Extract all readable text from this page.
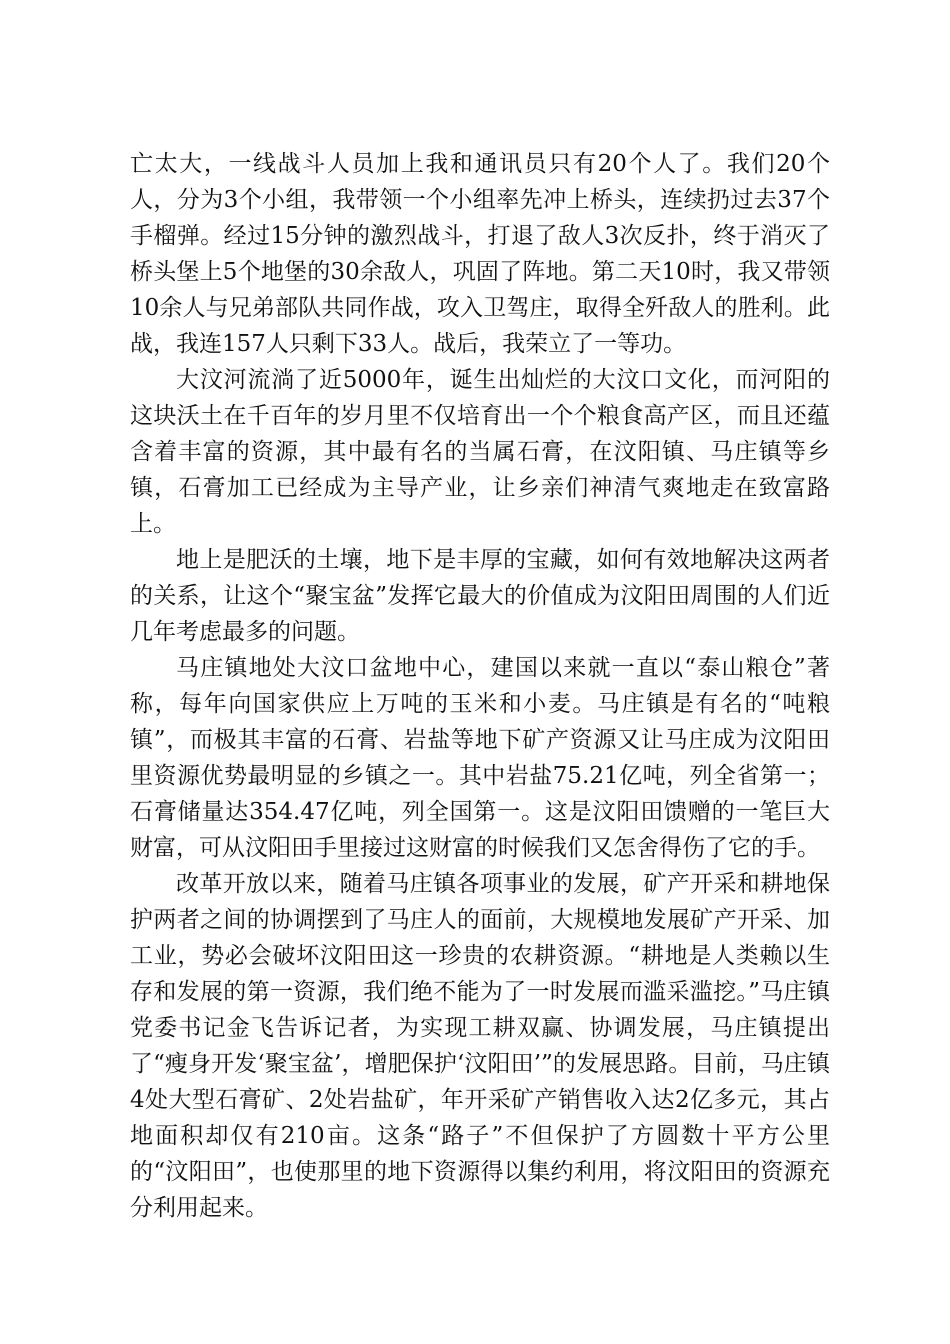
亡太大，一线战斗人员加上我和通讯员只有20个人了。我们20个人，分为3个小组，我带领一个小组率先冲上桥头，连续扔过去37个手榴弹。经过15分钟的激烈战斗，打退了敌人3次反扑，终于消灭了桥头堡上5个地堡的30余敌人，巩固了阵地。第二天10时，我又带领10余人与兄弟部队共同作战，攻入卫驾庄，取得全歼敌人的胜利。此战，我连157人只剩下33人。战后，我荣立了一等功。

大汶河流淌了近5000年，诞生出灿烂的大汶口文化，而河阳的这块沃土在千百年的岁月里不仅培育出一个个粮食高产区，而且还蕴含着丰富的资源，其中最有名的当属石膏，在汶阳镇、马庄镇等乡镇，石膏加工已经成为主导产业，让乡亲们神清气爽地走在致富路上。

地上是肥沃的土壤，地下是丰厚的宝藏，如何有效地解决这两者的关系，让这个“聚宝盆”发挥它最大的价值成为汶阳田周围的人们近几年考虑最多的问题。

马庄镇地处大汶口盆地中心，建国以来就一直以“泰山粮仓”著称，每年向国家供应上万吨的玉米和小麦。马庄镇是有名的“吨粮镇”，而极其丰富的石膏、岩盐等地下矿产资源又让马庄成为汶阳田里资源优势最明显的乡镇之一。其中岩盐75.21亿吨，列全省第一；石膏储量达354.47亿吨，列全国第一。这是汶阳田馈赠的一笔巨大财富，可从汶阳田手里接过这财富的时候我们又怎舍得伤了它的手。

改革开放以来，随着马庄镇各项事业的发展，矿产开采和耕地保护两者之间的协调摆到了马庄人的面前，大规模地发展矿产开采、加工业，势必会破坏汶阳田这一珍贵的农耕资源。“耕地是人类赖以生存和发展的第一资源，我们绝不能为了一时发展而滥采滥挖。”马庄镇党委书记金飞告诉记者，为实现工耕双赢、协调发展，马庄镇提出了“瘦身开发‘聚宝盆’，增肥保护‘汶阳田’”的发展思路。目前，马庄镇4处大型石膏矿、2处岩盐矿，年开采矿产销售收入达2亿多元，其占地面积却仅有210亩。这条“路子”不但保护了方圆数十平方公里的“汶阳田”，也使那里的地下资源得以集约利用，将汶阳田的资源充分利用起来。
